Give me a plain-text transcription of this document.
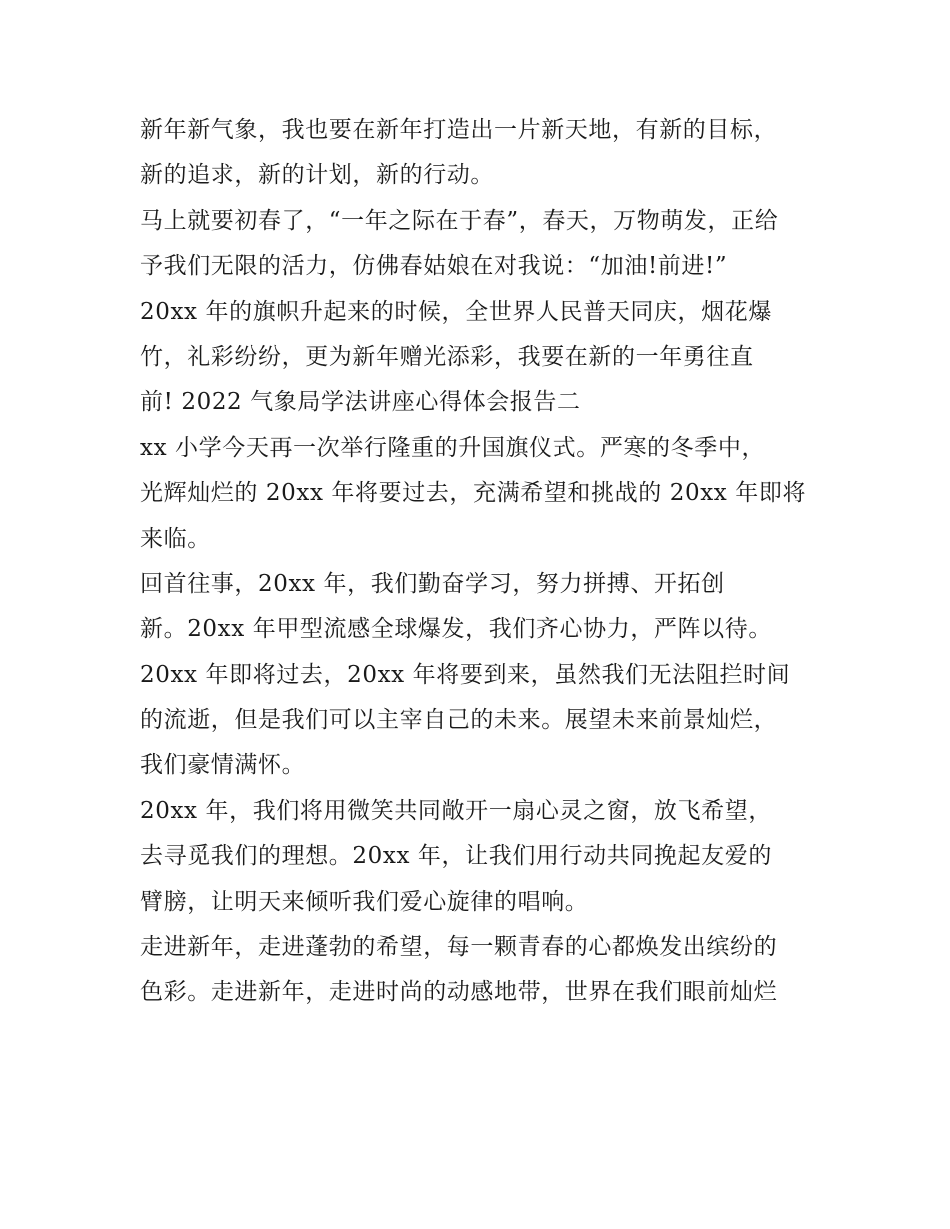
新年新气象，我也要在新年打造出一片新天地，有新的目标，
新的追求，新的计划，新的行动。
马上就要初春了，“一年之际在于春”，春天，万物萌发，正给
予我们无限的活力，仿佛春姑娘在对我说：“加油!前进!”
20xx 年的旗帜升起来的时候，全世界人民普天同庆，烟花爆
竹，礼彩纷纷，更为新年赠光添彩，我要在新的一年勇往直
前! 2022 气象局学法讲座心得体会报告二
xx 小学今天再一次举行隆重的升国旗仪式。严寒的冬季中，
光辉灿烂的 20xx 年将要过去，充满希望和挑战的 20xx 年即将
来临。
回首往事，20xx 年，我们勤奋学习，努力拼搏、开拓创
新。20xx 年甲型流感全球爆发，我们齐心协力，严阵以待。
20xx 年即将过去，20xx 年将要到来，虽然我们无法阻拦时间
的流逝，但是我们可以主宰自己的未来。展望未来前景灿烂，
我们豪情满怀。
20xx 年，我们将用微笑共同敞开一扇心灵之窗，放飞希望，
去寻觅我们的理想。20xx 年，让我们用行动共同挽起友爱的
臂膀，让明天来倾听我们爱心旋律的唱响。
走进新年，走进蓬勃的希望，每一颗青春的心都焕发出缤纷的
色彩。走进新年，走进时尚的动感地带，世界在我们眼前灿烂
